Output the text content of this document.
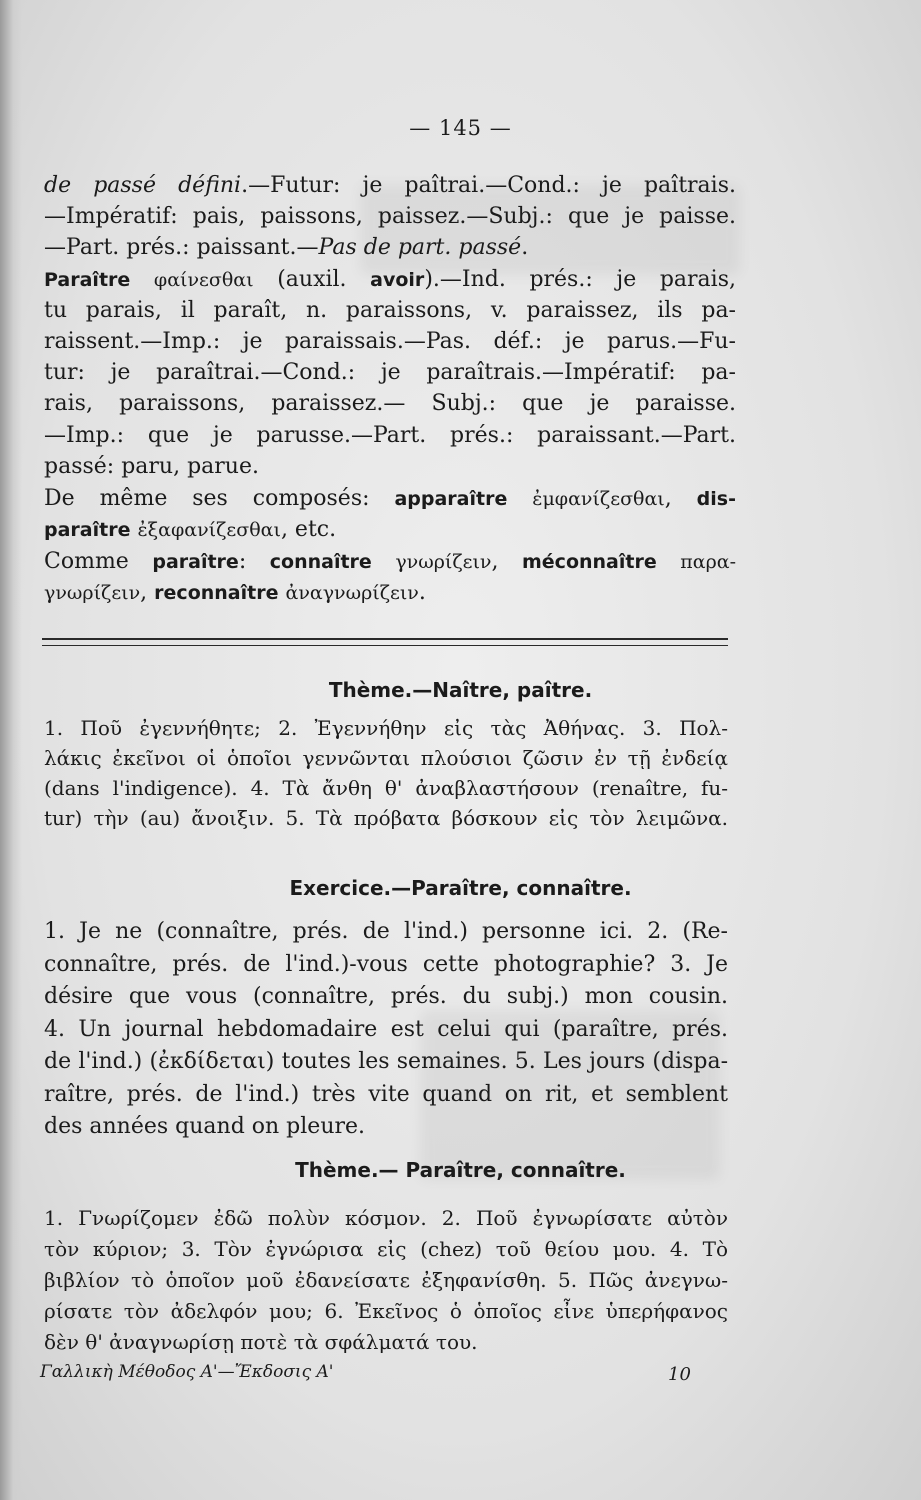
— 145 —
de passé défini.—Futur: je paîtrai.—Cond.: je paîtrais.
—Impératif: pais, paissons, paissez.—Subj.: que je paisse.
—Part. prés.: paissant.—Pas de part. passé.
Paraître φαίνεσθαι (auxil. avoir).—Ind. prés.: je parais,
tu parais, il paraît, n. paraissons, v. paraissez, ils pa-
raissent.—Imp.: je paraissais.—Pas. déf.: je parus.—Fu-
tur: je paraîtrai.—Cond.: je paraîtrais.—Impératif: pa-
rais, paraissons, paraissez.— Subj.: que je paraisse.
—Imp.: que je parusse.—Part. prés.: paraissant.—Part.
passé: paru, parue.
De même ses composés: apparaître ἐμφανίζεσθαι, dis-
paraître ἐξαφανίζεσθαι, etc.
Comme paraître: connaître γνωρίζειν, méconnaître παρα-
γνωρίζειν, reconnaître ἀναγνωρίζειν.
Thème.—Naître, paître.
1. Ποῦ ἐγεννήθητε; 2. Ἐγεννήθην εἰς τὰς Ἀθήνας. 3. Πολ-
λάκις ἐκεῖνοι οἱ ὁποῖοι γεννῶνται πλούσιοι ζῶσιν ἐν τῇ ἐνδείᾳ
(dans l'indigence). 4. Τὰ ἄνθη θ' ἀναβλαστήσουν (renaître, fu-
tur) τὴν (au) ἄνοιξιν. 5. Τὰ πρόβατα βόσκουν εἰς τὸν λειμῶνα.
Exercice.—Paraître, connaître.
1. Je ne (connaître, prés. de l'ind.) personne ici. 2. (Re-
connaître, prés. de l'ind.)-vous cette photographie? 3. Je
désire que vous (connaître, prés. du subj.) mon cousin.
4. Un journal hebdomadaire est celui qui (paraître, prés.
de l'ind.) (ἐκδίδεται) toutes les semaines. 5. Les jours (dispa-
raître, prés. de l'ind.) très vite quand on rit, et semblent
des années quand on pleure.
Thème.— Paraître, connaître.
1. Γνωρίζομεν ἐδῶ πολὺν κόσμον. 2. Ποῦ ἐγνωρίσατε αὐτὸν
τὸν κύριον; 3. Τὸν ἐγνώρισα εἰς (chez) τοῦ θείου μου. 4. Τὸ
βιβλίον τὸ ὁποῖον μοῦ ἐδανείσατε ἐξηφανίσθη. 5. Πῶς ἀνεγνω-
ρίσατε τὸν ἀδελφόν μου; 6. Ἐκεῖνος ὁ ὁποῖος εἶνε ὑπερήφανος
δὲν θ' ἀναγνωρίσῃ ποτὲ τὰ σφάλματά του.
Γαλλικὴ Μέθοδος Α'—Ἔκδοσις Α'	10
